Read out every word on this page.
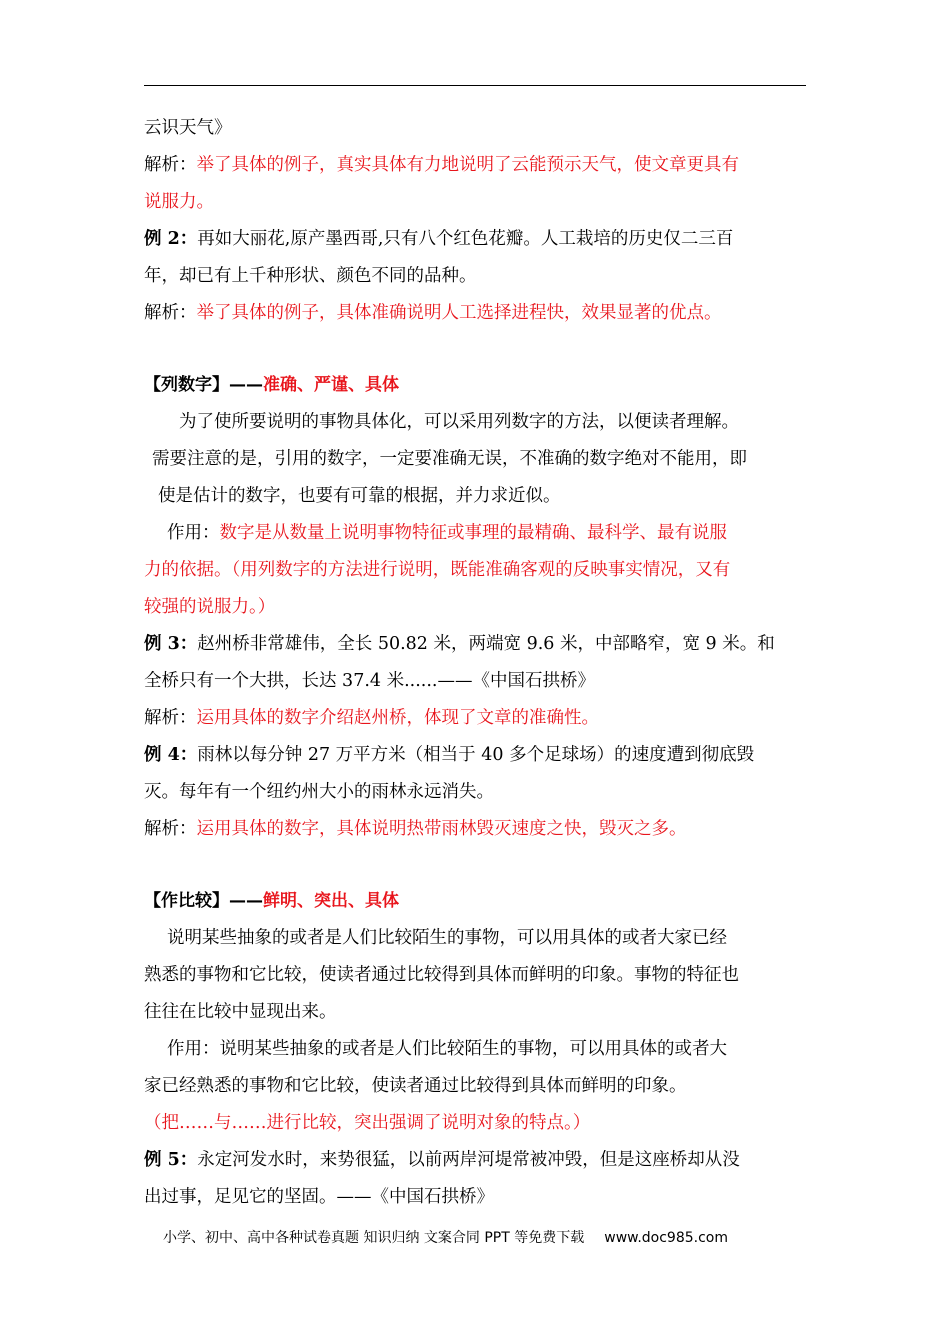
云识天气》
解析：举了具体的例子，真实具体有力地说明了云能预示天气，使文章更具有
说服力。
例 2：再如大丽花,原产墨西哥,只有八个红色花瓣。人工栽培的历史仅二三百
年，却已有上千种形状、颜色不同的品种。
解析：举了具体的例子，具体准确说明人工选择进程快，效果显著的优点。
【列数字】——准确、严谨、具体
为了使所要说明的事物具体化，可以采用列数字的方法，以便读者理解。
需要注意的是，引用的数字，一定要准确无误，不准确的数字绝对不能用，即
使是估计的数字，也要有可靠的根据，并力求近似。
作用：数字是从数量上说明事物特征或事理的最精确、最科学、最有说服
力的依据。（用列数字的方法进行说明，既能准确客观的反映事实情况，又有
较强的说服力。）
例 3：赵州桥非常雄伟，全长 50.82 米，两端宽 9.6 米，中部略窄，宽 9 米。和
全桥只有一个大拱，长达 37.4 米......——《中国石拱桥》
解析：运用具体的数字介绍赵州桥，体现了文章的准确性。
例 4：雨林以每分钟 27 万平方米（相当于 40 多个足球场）的速度遭到彻底毁
灭。每年有一个纽约州大小的雨林永远消失。
解析：运用具体的数字，具体说明热带雨林毁灭速度之快，毁灭之多。
【作比较】——鲜明、突出、具体
说明某些抽象的或者是人们比较陌生的事物，可以用具体的或者大家已经
熟悉的事物和它比较，使读者通过比较得到具体而鲜明的印象。事物的特征也
往往在比较中显现出来。
作用：说明某些抽象的或者是人们比较陌生的事物，可以用具体的或者大
家已经熟悉的事物和它比较，使读者通过比较得到具体而鲜明的印象。
（把……与……进行比较，突出强调了说明对象的特点。）
例 5：永定河发水时，来势很猛，以前两岸河堤常被冲毁，但是这座桥却从没
出过事，足见它的坚固。——《中国石拱桥》
小学、初中、高中各种试卷真题 知识归纳 文案合同 PPT 等免费下载 www.doc985.com
